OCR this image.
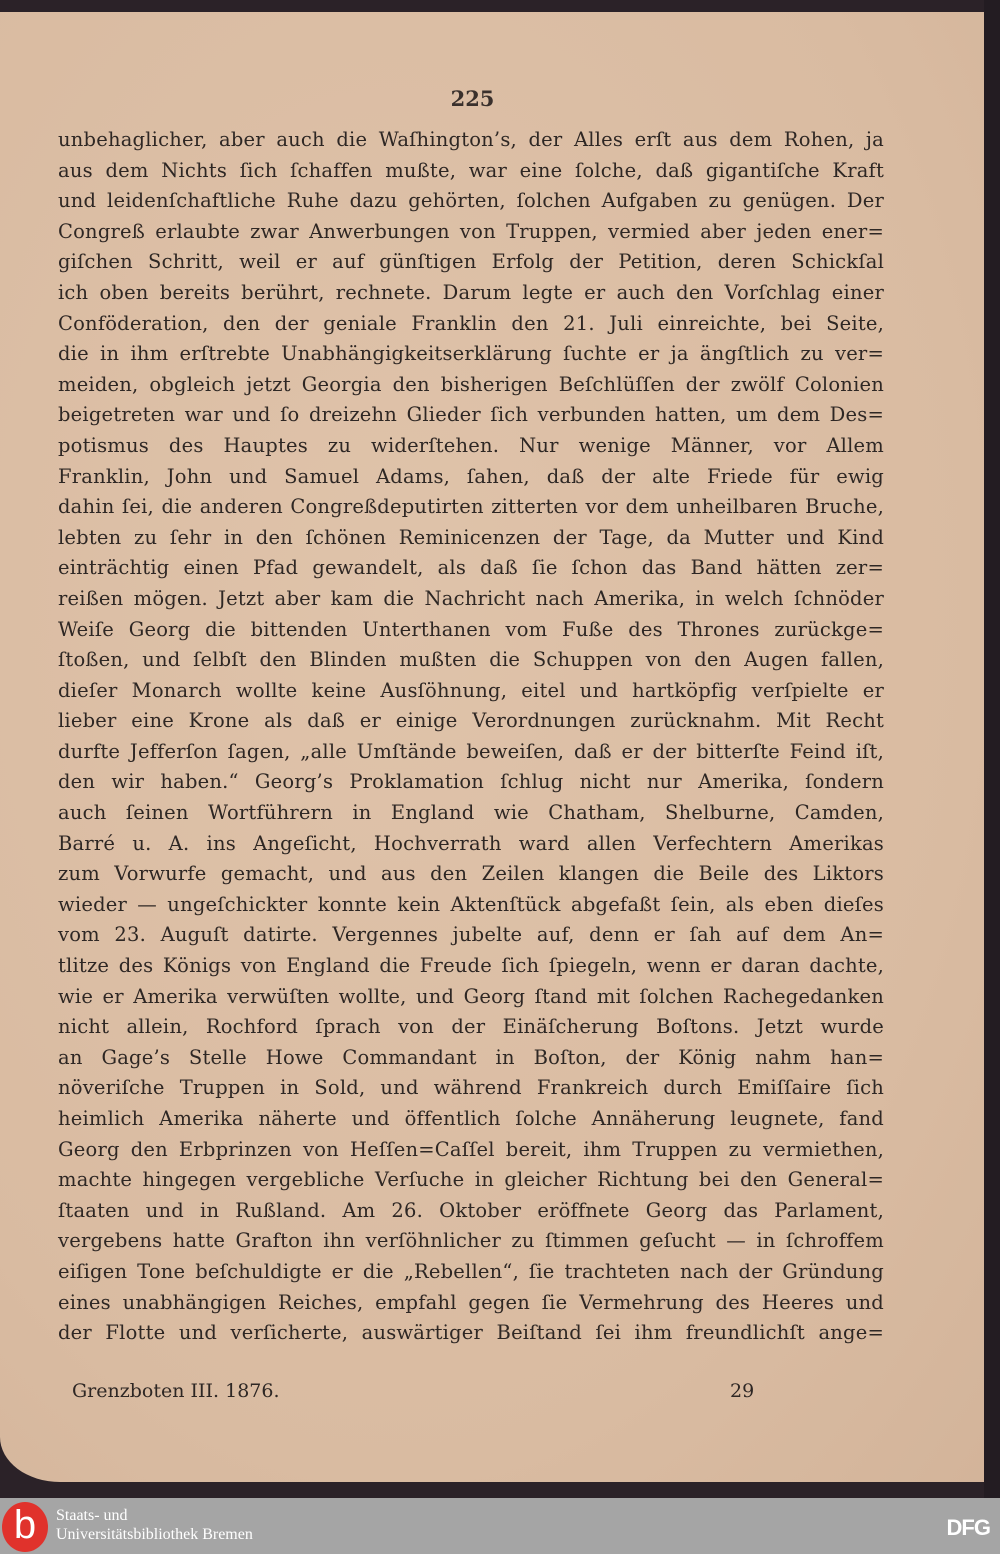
225
unbehaglicher, aber auch die Waſhington’s, der Alles erſt aus dem Rohen, ja
aus dem Nichts ſich ſchaffen mußte, war eine ſolche, daß gigantiſche Kraft
und leidenſchaftliche Ruhe dazu gehörten, ſolchen Aufgaben zu genügen. Der
Congreß erlaubte zwar Anwerbungen von Truppen, vermied aber jeden ener=
giſchen Schritt, weil er auf günſtigen Erfolg der Petition, deren Schickſal
ich oben bereits berührt, rechnete. Darum legte er auch den Vorſchlag einer
Conföderation, den der geniale Franklin den 21. Juli einreichte, bei Seite,
die in ihm erſtrebte Unabhängigkeitserklärung ſuchte er ja ängſtlich zu ver=
meiden, obgleich jetzt Georgia den bisherigen Beſchlüſſen der zwölf Colonien
beigetreten war und ſo dreizehn Glieder ſich verbunden hatten, um dem Des=
potismus des Hauptes zu widerſtehen. Nur wenige Männer, vor Allem
Franklin, John und Samuel Adams, ſahen, daß der alte Friede für ewig
dahin ſei, die anderen Congreßdeputirten zitterten vor dem unheilbaren Bruche,
lebten zu ſehr in den ſchönen Reminicenzen der Tage, da Mutter und Kind
einträchtig einen Pfad gewandelt, als daß ſie ſchon das Band hätten zer=
reißen mögen. Jetzt aber kam die Nachricht nach Amerika, in welch ſchnöder
Weiſe Georg die bittenden Unterthanen vom Fuße des Thrones zurückge=
ſtoßen, und ſelbſt den Blinden mußten die Schuppen von den Augen fallen,
dieſer Monarch wollte keine Ausſöhnung, eitel und hartköpfig verſpielte er
lieber eine Krone als daß er einige Verordnungen zurücknahm. Mit Recht
durfte Jefferſon ſagen, „alle Umſtände beweiſen, daß er der bitterſte Feind iſt,
den wir haben.“ Georg’s Proklamation ſchlug nicht nur Amerika, ſondern
auch ſeinen Wortführern in England wie Chatham, Shelburne, Camden,
Barré u. A. ins Angeſicht, Hochverrath ward allen Verfechtern Amerikas
zum Vorwurfe gemacht, und aus den Zeilen klangen die Beile des Liktors
wieder — ungeſchickter konnte kein Aktenſtück abgefaßt ſein, als eben dieſes
vom 23. Auguſt datirte. Vergennes jubelte auf, denn er ſah auf dem An=
tlitze des Königs von England die Freude ſich ſpiegeln, wenn er daran dachte,
wie er Amerika verwüſten wollte, und Georg ſtand mit ſolchen Rachegedanken
nicht allein, Rochford ſprach von der Einäſcherung Boſtons. Jetzt wurde
an Gage’s Stelle Howe Commandant in Boſton, der König nahm han=
növeriſche Truppen in Sold, und während Frankreich durch Emiſſaire ſich
heimlich Amerika näherte und öffentlich ſolche Annäherung leugnete, fand
Georg den Erbprinzen von Heſſen=Caſſel bereit, ihm Truppen zu vermiethen,
machte hingegen vergebliche Verſuche in gleicher Richtung bei den General=
ſtaaten und in Rußland. Am 26. Oktober eröffnete Georg das Parlament,
vergebens hatte Grafton ihn verſöhnlicher zu ſtimmen geſucht — in ſchroffem
eiſigen Tone beſchuldigte er die „Rebellen“, ſie trachteten nach der Gründung
eines unabhängigen Reiches, empfahl gegen ſie Vermehrung des Heeres und
der Flotte und verſicherte, auswärtiger Beiſtand ſei ihm freundlichſt ange=
Grenzboten III. 1876.	29
b	Staats- und
Universitätsbibliothek Bremen	DFG
